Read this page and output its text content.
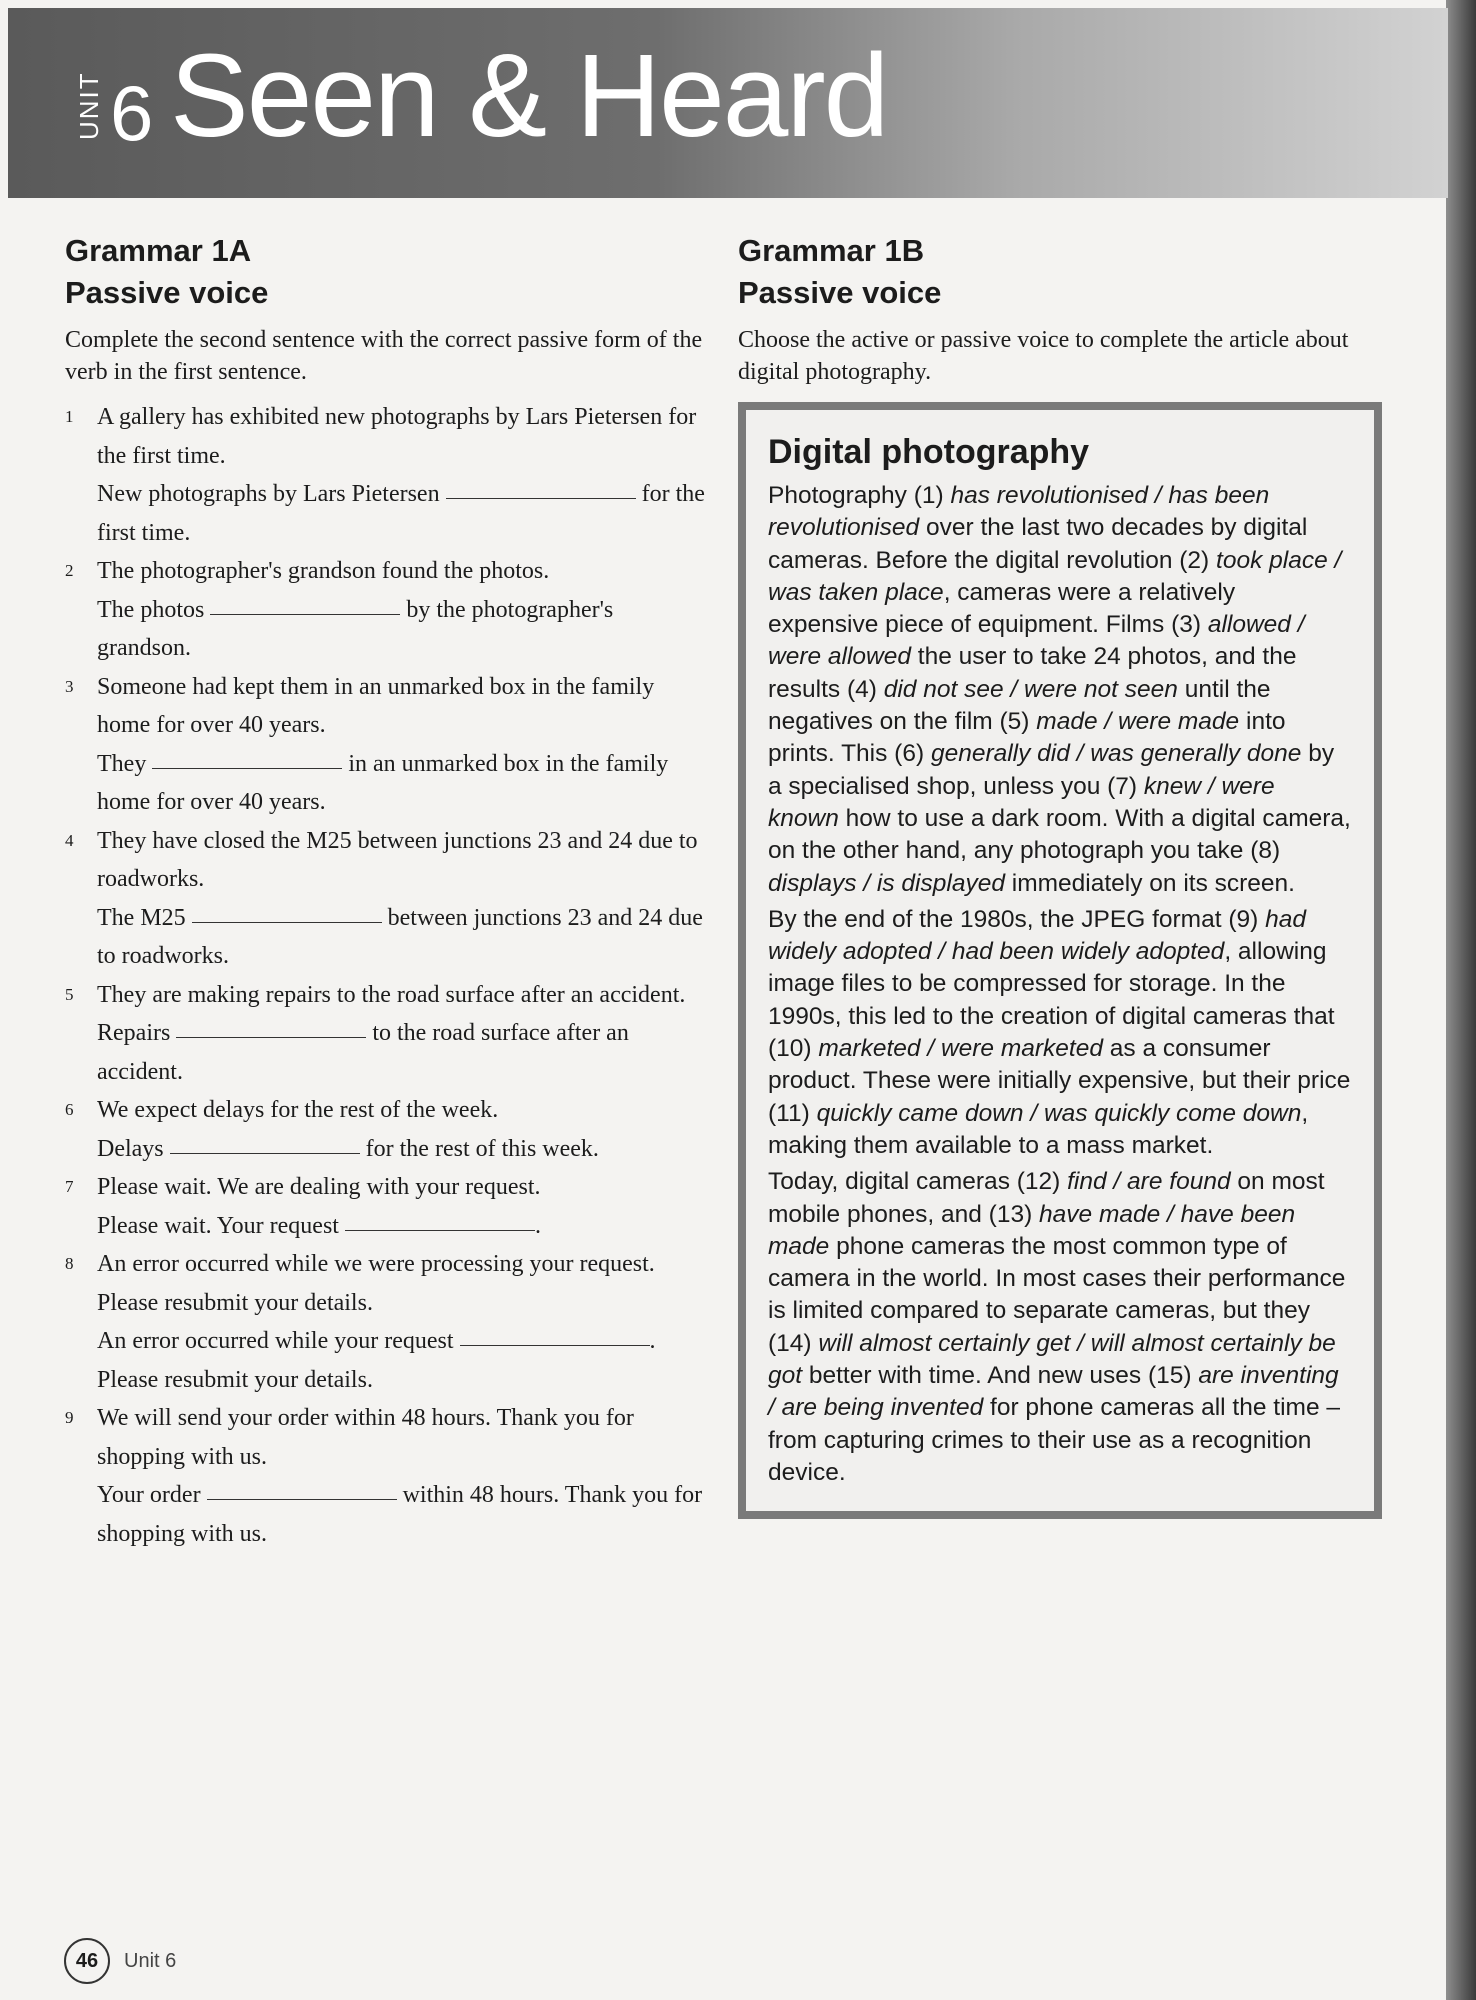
UNIT 6 Seen & Heard
Grammar 1A
Passive voice

Complete the second sentence with the correct passive form of the verb in the first sentence.

1 A gallery has exhibited new photographs by Lars Pietersen for the first time.

New photographs by Lars Pietersen	for the first time.

2 The photographer's grandson found the photos.

The photos	by the photographer's grandson.

3 Someone had kept them in an unmarked box in the family home for over 40 years.

They	in an unmarked box in the family home for over 40 years.

4 They have closed the M25 between junctions 23 and 24 due to roadworks.

The M25	between junctions 23 and 24 due to roadworks.

5 They are making repairs to the road surface after an accident.

Repairs	to the road surface after an accident.

6 We expect delays for the rest of the week.

Delays	for the rest of this week.

7 Please wait. We are dealing with your request.

Please wait. Your request	.

8 An error occurred while we were processing your request. Please resubmit your details.

An error occurred while your request	. Please resubmit your details.

9 We will send your order within 48 hours. Thank you for shopping with us.

Your order	within 48 hours. Thank you for shopping with us.

Grammar 1B
Passive voice

Choose the active or passive voice to complete the article about digital photography.

Digital photography

Photography (1) has revolutionised / has been revolutionised over the last two decades by digital cameras. Before the digital revolution (2) took place / was taken place, cameras were a relatively expensive piece of equipment. Films (3) allowed / were allowed the user to take 24 photos, and the results (4) did not see / were not seen until the negatives on the film (5) made / were made into prints. This (6) generally did / was generally done by a specialised shop, unless you (7) knew / were known how to use a dark room. With a digital camera, on the other hand, any photograph you take (8) displays / is displayed immediately on its screen.

By the end of the 1980s, the JPEG format (9) had widely adopted / had been widely adopted, allowing image files to be compressed for storage. In the 1990s, this led to the creation of digital cameras that (10) marketed / were marketed as a consumer product. These were initially expensive, but their price (11) quickly came down / was quickly come down, making them available to a mass market.

Today, digital cameras (12) find / are found on most mobile phones, and (13) have made / have been made phone cameras the most common type of camera in the world. In most cases their performance is limited compared to separate cameras, but they (14) will almost certainly get / will almost certainly be got better with time. And new uses (15) are inventing / are being invented for phone cameras all the time – from capturing crimes to their use as a recognition device.

46	Unit 6
